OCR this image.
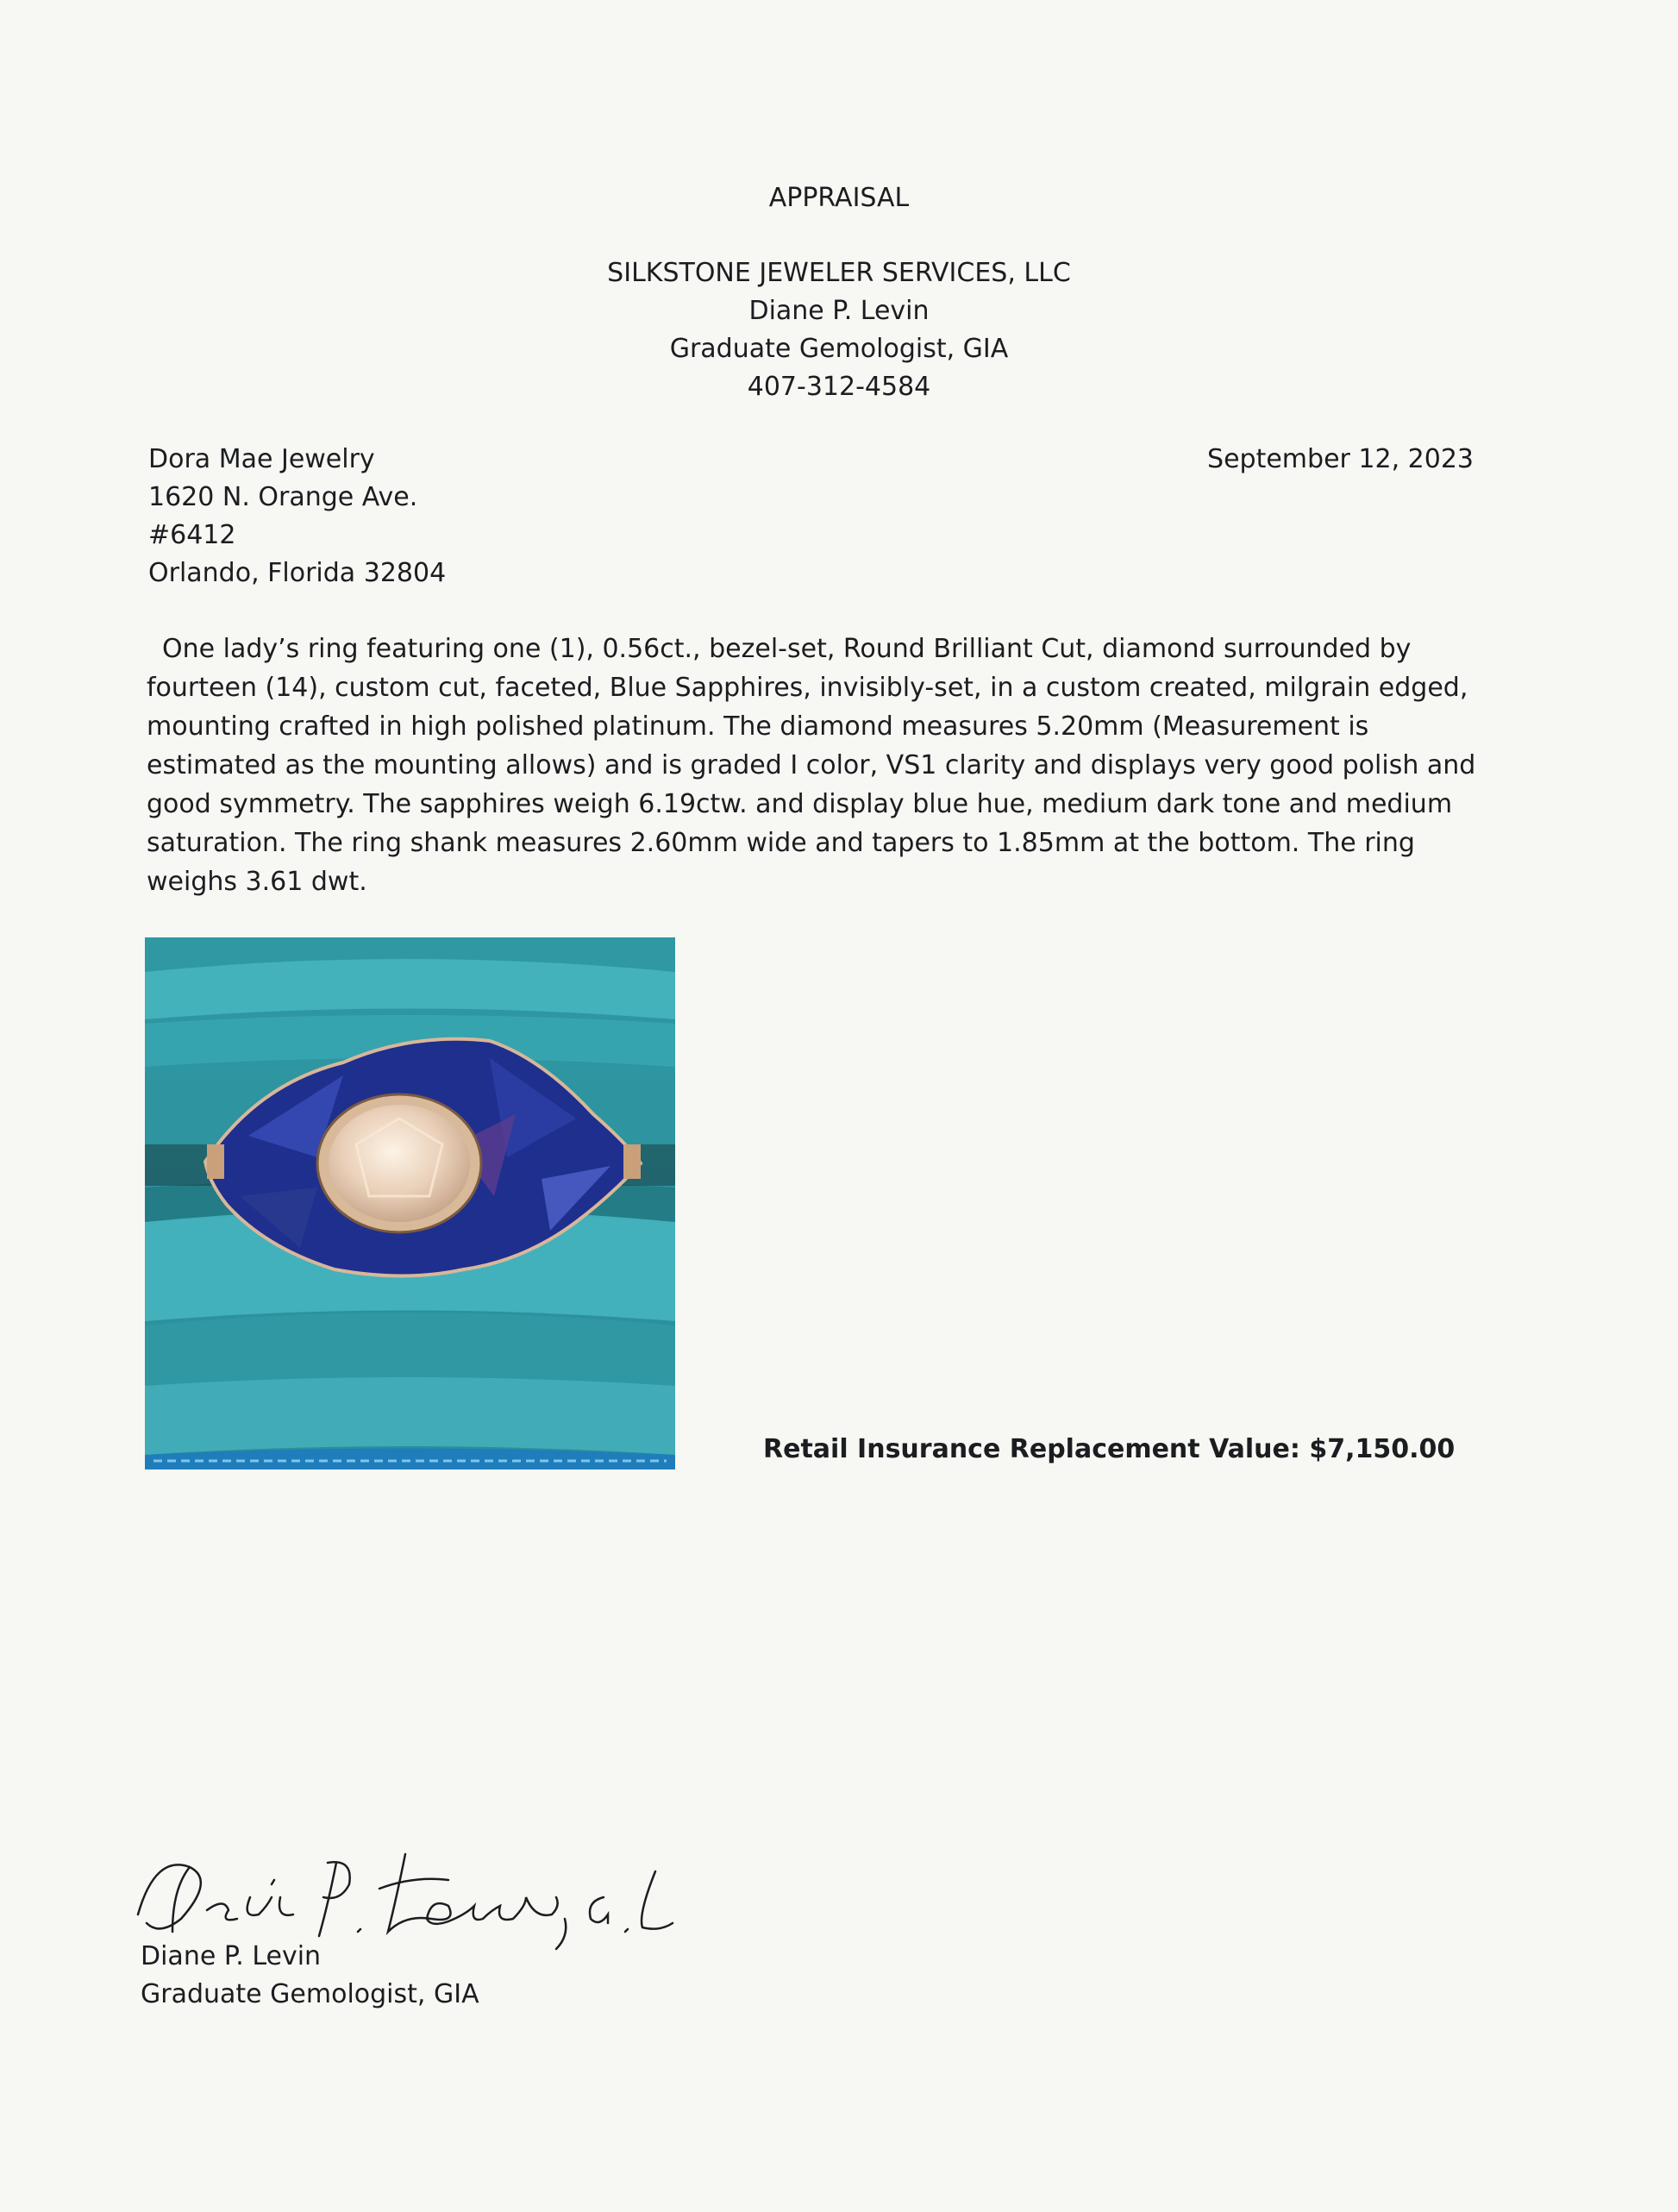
APPRAISAL
SILKSTONE JEWELER SERVICES, LLC
Diane P. Levin
Graduate Gemologist, GIA
407-312-4584
Dora Mae Jewelry
1620 N. Orange Ave.
#6412
Orlando, Florida 32804
September 12, 2023

One lady’s ring featuring one (1), 0.56ct., bezel-set, Round Brilliant Cut, diamond surrounded by fourteen (14), custom cut, faceted, Blue Sapphires, invisibly-set, in a custom created, milgrain edged, mounting crafted in high polished platinum. The diamond measures 5.20mm (Measurement is estimated as the mounting allows) and is graded I color, VS1 clarity and displays very good polish and good symmetry. The sapphires weigh 6.19ctw. and display blue hue, medium dark tone and medium saturation. The ring shank measures 2.60mm wide and tapers to 1.85mm at the bottom. The ring weighs 3.61 dwt.

Retail Insurance Replacement Value: $7,150.00
Diane P. Levin
Graduate Gemologist, GIA
